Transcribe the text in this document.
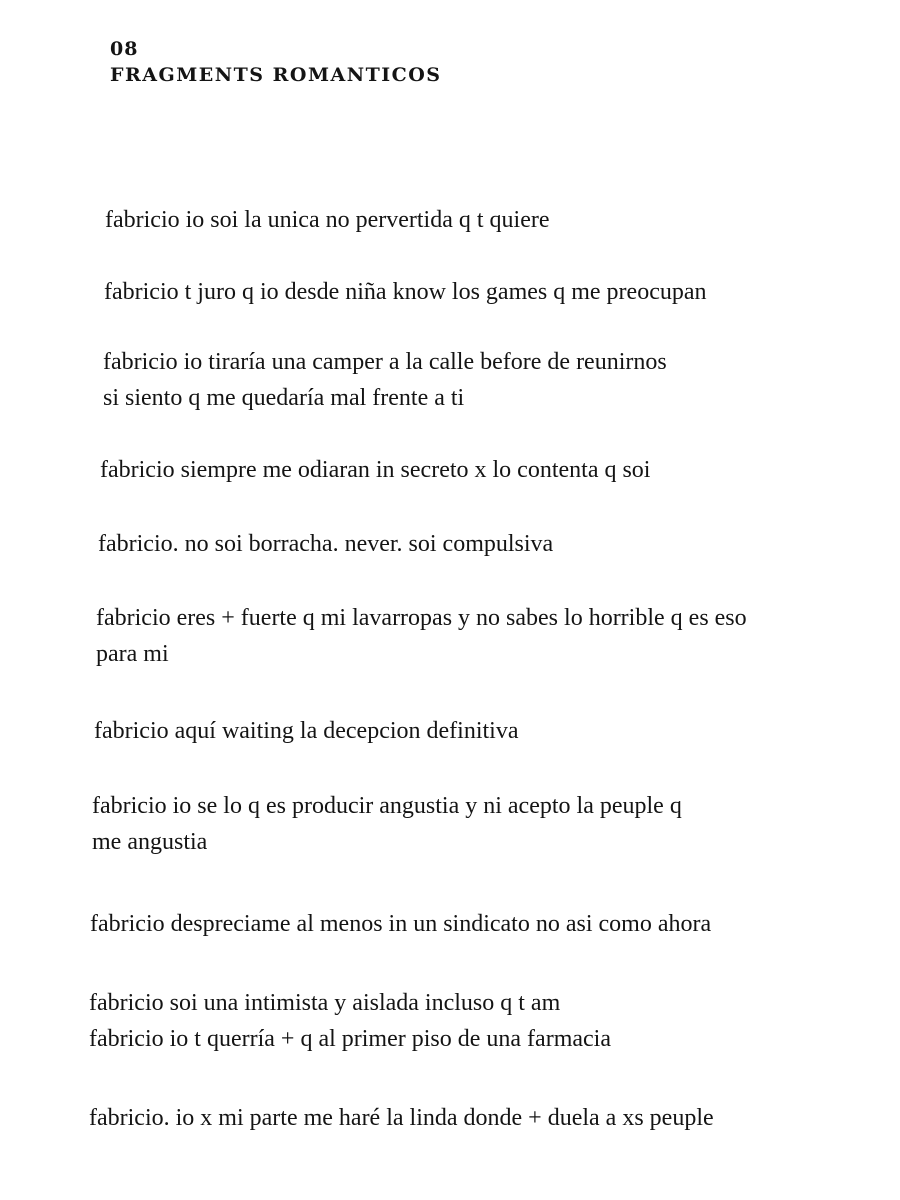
08
FRAGMENTS ROMANTICOS
fabricio io soi la unica no pervertida q t quiere
fabricio t juro q io desde niña know los games q me preocupan
fabricio io tiraría una camper a la calle before de reunirnos
si siento q me quedaría mal frente a ti
fabricio siempre me odiaran in secreto x lo contenta q soi
fabricio. no soi borracha. never. soi compulsiva
fabricio eres + fuerte q mi lavarropas y no sabes lo horrible q es eso
para mi
fabricio aquí waiting la decepcion definitiva
fabricio io se lo q es producir angustia y ni acepto la peuple q
me angustia
fabricio despreciame al menos in un sindicato no asi como ahora
fabricio soi una intimista y aislada incluso q t am
fabricio io t querría + q al primer piso de una farmacia
fabricio. io x mi parte me haré la linda donde + duela a xs peuple
